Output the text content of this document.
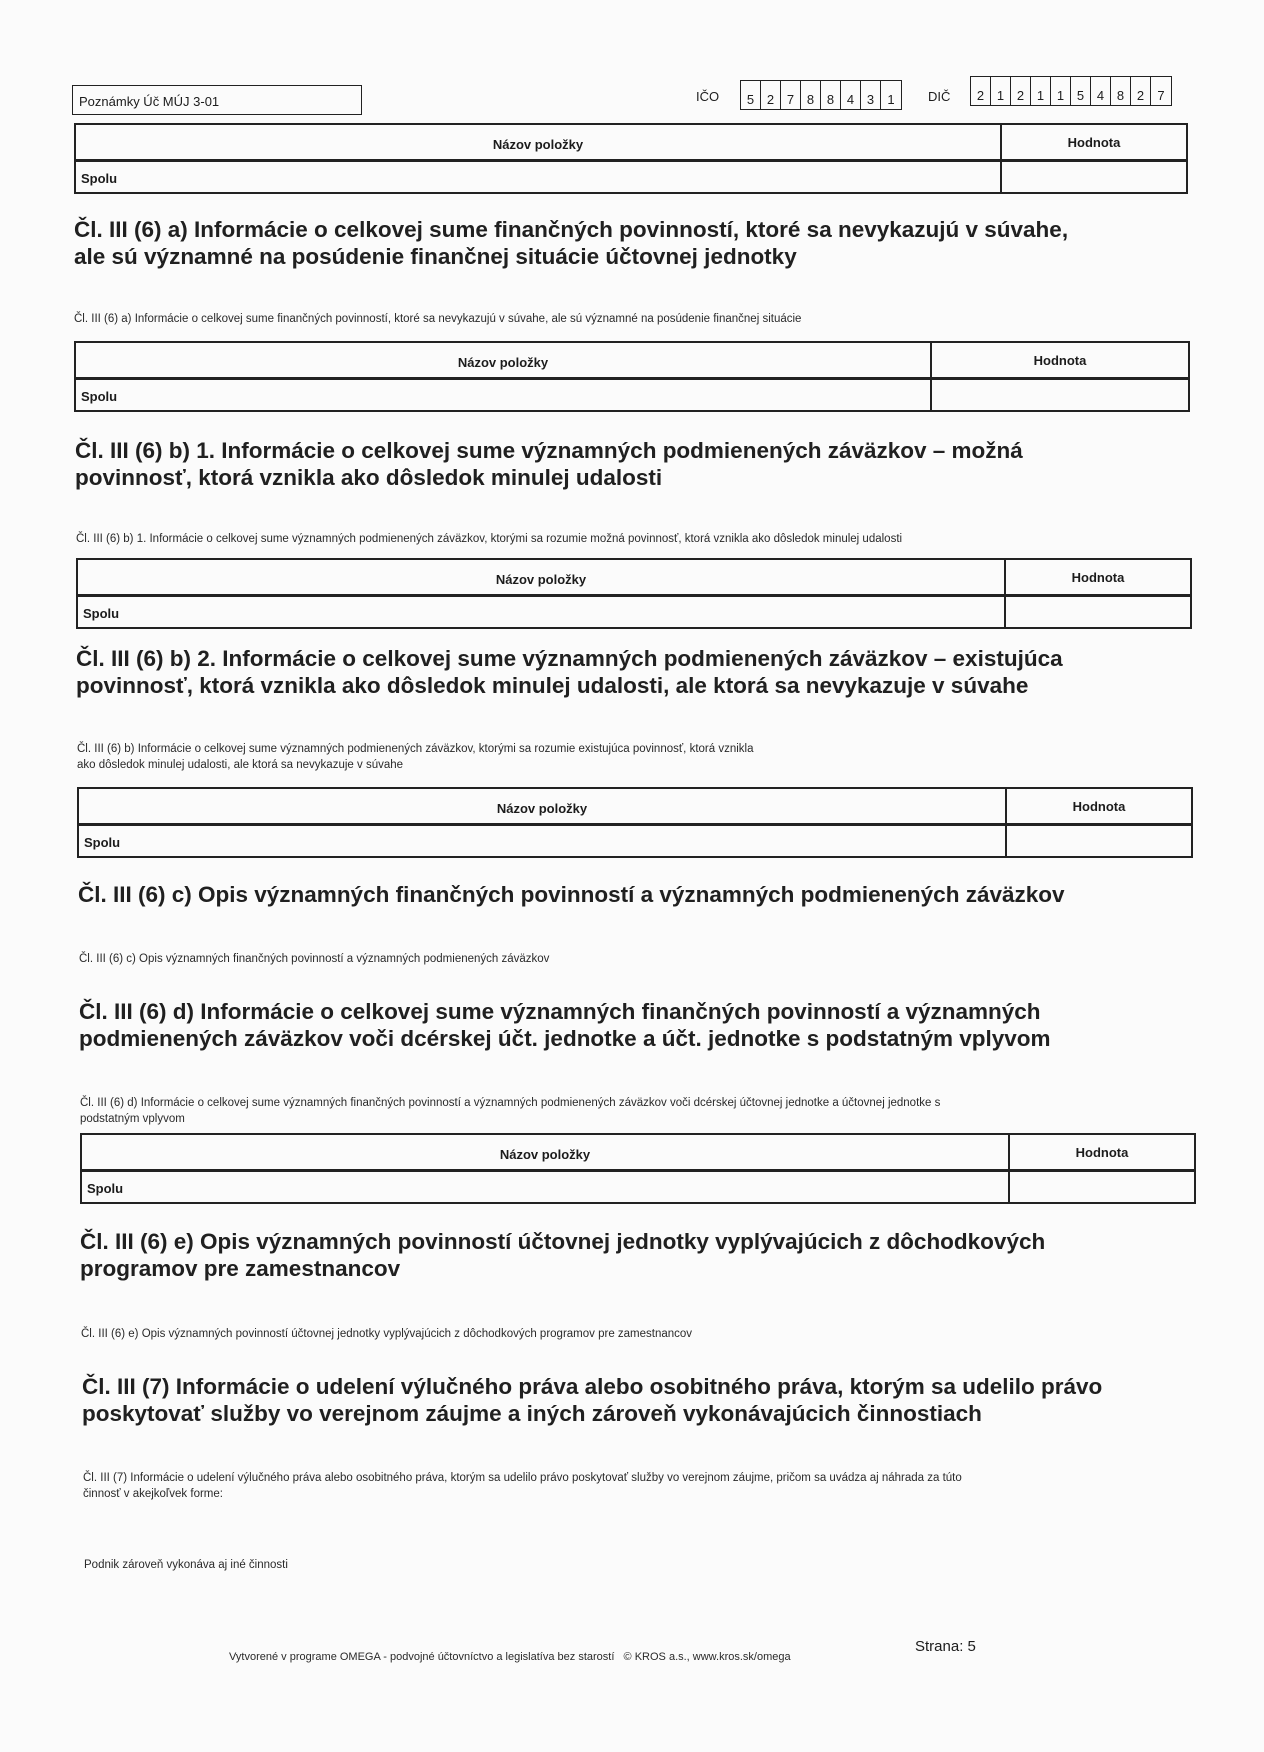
Poznámky Úč MÚJ 3-01	IČO	5 2 7 8 8 4 3	1	DIČ	2 1 2 1 1 5 4 8 2	7
Názov položky	Hodnota
Spolu
Čl. III (6) a) Informácie o celkovej sume finančných povinností, ktoré sa nevykazujú v súvahe,
ale sú významné na posúdenie finančnej situácie účtovnej jednotky
Čl. III (6) a) Informácie o celkovej sume finančných povinností, ktoré sa nevykazujú v súvahe, ale sú významné na posúdenie finančnej situácie
Názov položky	Hodnota
Spolu
Čl. III (6) b) 1. Informácie o celkovej sume významných podmienených záväzkov – možná
povinnosť, ktorá vznikla ako dôsledok minulej udalosti
Čl. III (6) b) 1. Informácie o celkovej sume významných podmienených záväzkov, ktorými sa rozumie možná povinnosť, ktorá vznikla ako dôsledok minulej udalosti
Názov položky	Hodnota
Spolu
Čl. III (6) b) 2. Informácie o celkovej sume významných podmienených záväzkov – existujúca
povinnosť, ktorá vznikla ako dôsledok minulej udalosti, ale ktorá sa nevykazuje v súvahe
Čl. III (6) b) Informácie o celkovej sume významných podmienených záväzkov, ktorými sa rozumie existujúca povinnosť, ktorá vznikla
ako dôsledok minulej udalosti, ale ktorá sa nevykazuje v súvahe
Názov položky	Hodnota
Spolu
Čl. III (6) c) Opis významných finančných povinností a významných podmienených záväzkov
Čl. III (6) c) Opis významných finančných povinností a významných podmienených záväzkov
Čl. III (6) d) Informácie o celkovej sume významných finančných povinností a významných
podmienených záväzkov voči dcérskej účt. jednotke a účt. jednotke s podstatným vplyvom
Čl. III (6) d) Informácie o celkovej sume významných finančných povinností a významných podmienených záväzkov voči dcérskej účtovnej jednotke a účtovnej jednotke s
podstatným vplyvom
Názov položky	Hodnota
Spolu
Čl. III (6) e) Opis významných povinností účtovnej jednotky vyplývajúcich z dôchodkových
programov pre zamestnancov
Čl. III (6) e) Opis významných povinností účtovnej jednotky vyplývajúcich z dôchodkových programov pre zamestnancov
Čl. III (7) Informácie o udelení výlučného práva alebo osobitného práva, ktorým sa udelilo právo
poskytovať služby vo verejnom záujme a iných zároveň vykonávajúcich činnostiach
Čl. III (7) Informácie o udelení výlučného práva alebo osobitného práva, ktorým sa udelilo právo poskytovať služby vo verejnom záujme, pričom sa uvádza aj náhrada za túto
činnosť v akejkoľvek forme:
Podnik zároveň vykonáva aj iné činnosti
Vytvorené v programe OMEGA - podvojné účtovníctvo a legislatíva bez starostí   © KROS a.s., www.kros.sk/omega
Strana: 5
